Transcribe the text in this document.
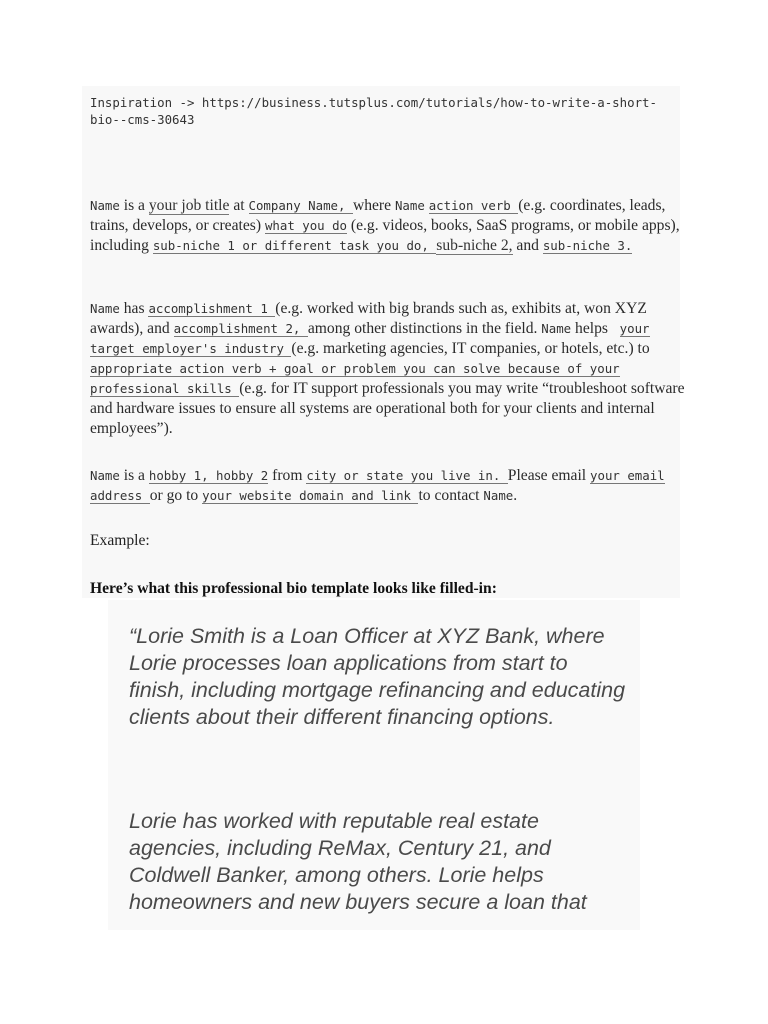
Inspiration -> https://business.tutsplus.com/tutorials/how-to-write-a-short-bio--cms-30643
Name is a your job title at Company Name, where Name action verb (e.g. coordinates, leads, trains, develops, or creates) what you do (e.g. videos, books, SaaS programs, or mobile apps), including sub-niche 1 or different task you do, sub-niche 2, and sub-niche 3.
Name has accomplishment 1 (e.g. worked with big brands such as, exhibits at, won XYZ awards), and accomplishment 2, among other distinctions in the field. Name helps   your target employer's industry (e.g. marketing agencies, IT companies, or hotels, etc.) to appropriate action verb + goal or problem you can solve because of your professional skills (e.g. for IT support professionals you may write “troubleshoot software and hardware issues to ensure all systems are operational both for your clients and internal employees”).
Name is a hobby 1, hobby 2 from city or state you live in. Please email your email address or go to your website domain and link to contact Name.
Example:
Here’s what this professional bio template looks like filled-in:
“Lorie Smith is a Loan Officer at XYZ Bank, where Lorie processes loan applications from start to finish, including mortgage refinancing and educating clients about their different financing options.
Lorie has worked with reputable real estate agencies, including ReMax, Century 21, and Coldwell Banker, among others. Lorie helps homeowners and new buyers secure a loan that
